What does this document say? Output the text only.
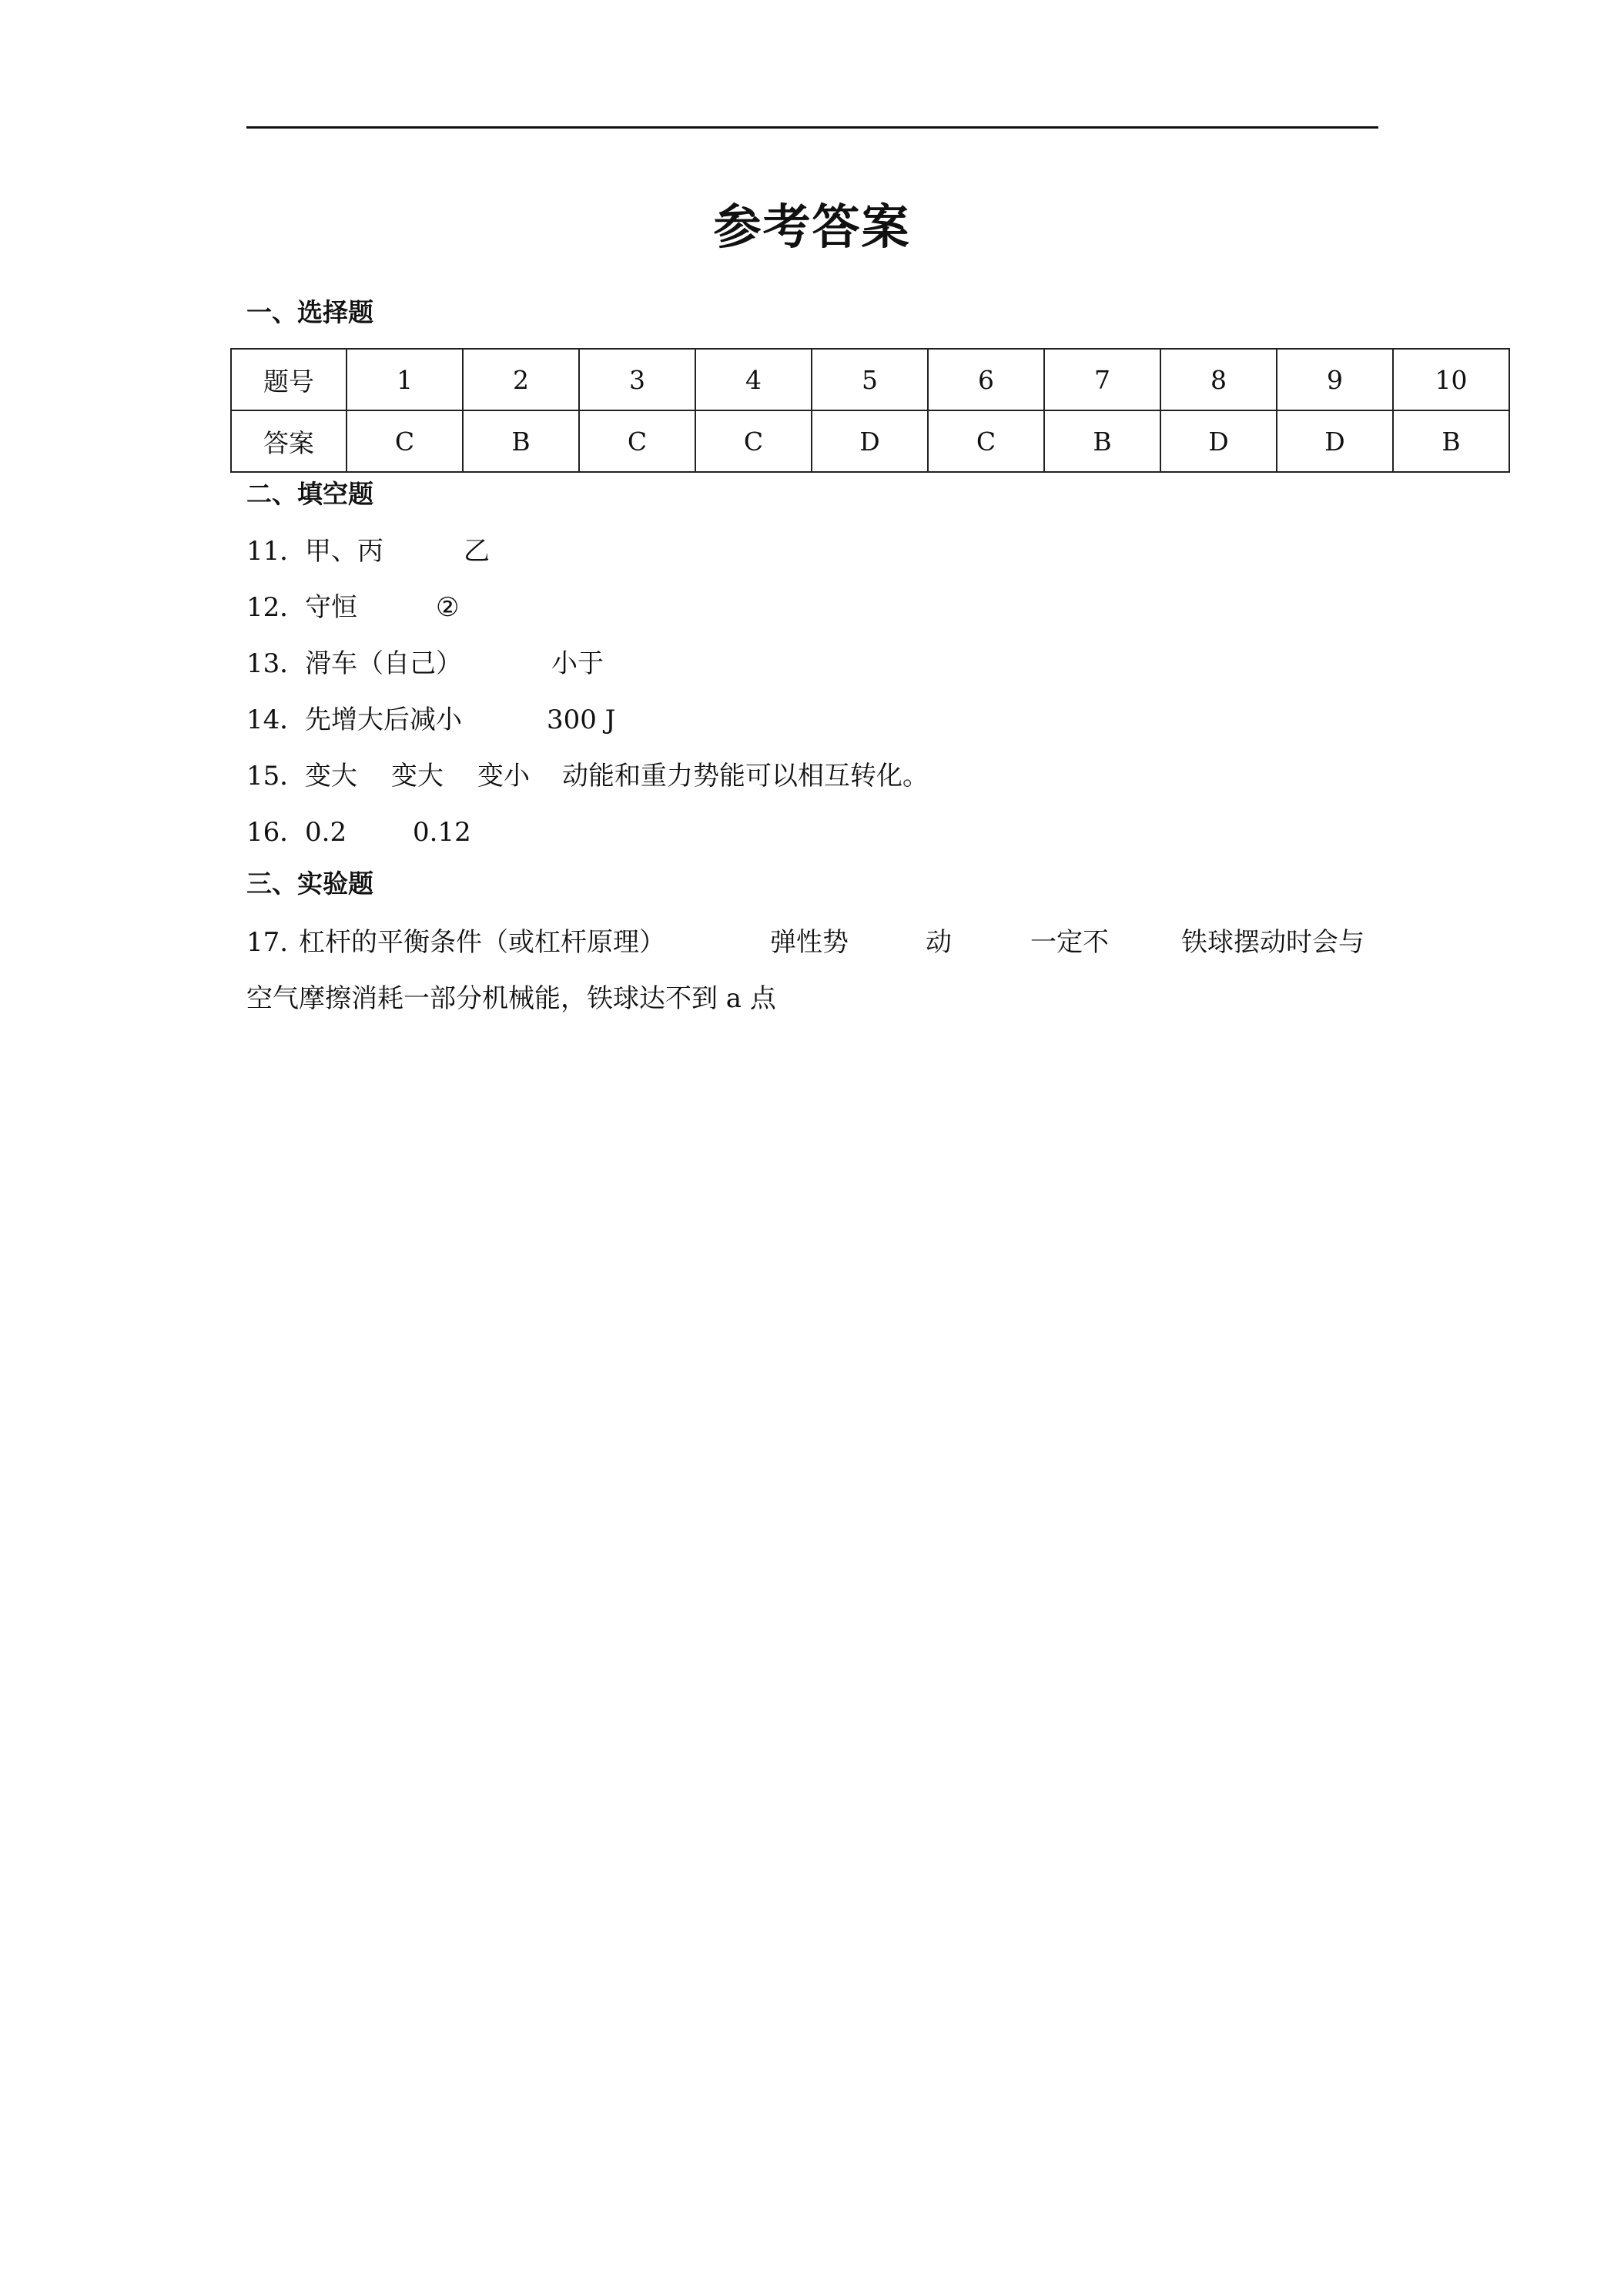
参考答案
一、选择题
题号	1	2	3	4	5	6	7	8	9	10
答案	C	B	C	C	D	C	B	D	D	B
二、填空题
11．
甲、丙	乙
12．
守恒	②
13．
滑车（自己）	小于
14．
先增大后减小	300 J
15．
变大 变大 变小 动能和重力势能可以相互转化。
16．
0.2	0.12
三、实验题
17. 杠杆的平衡条件（或杠杆原理）	弹性势	动	一定不	铁球摆动时会与
空气摩擦消耗一部分机械能，铁球达不到 a 点
